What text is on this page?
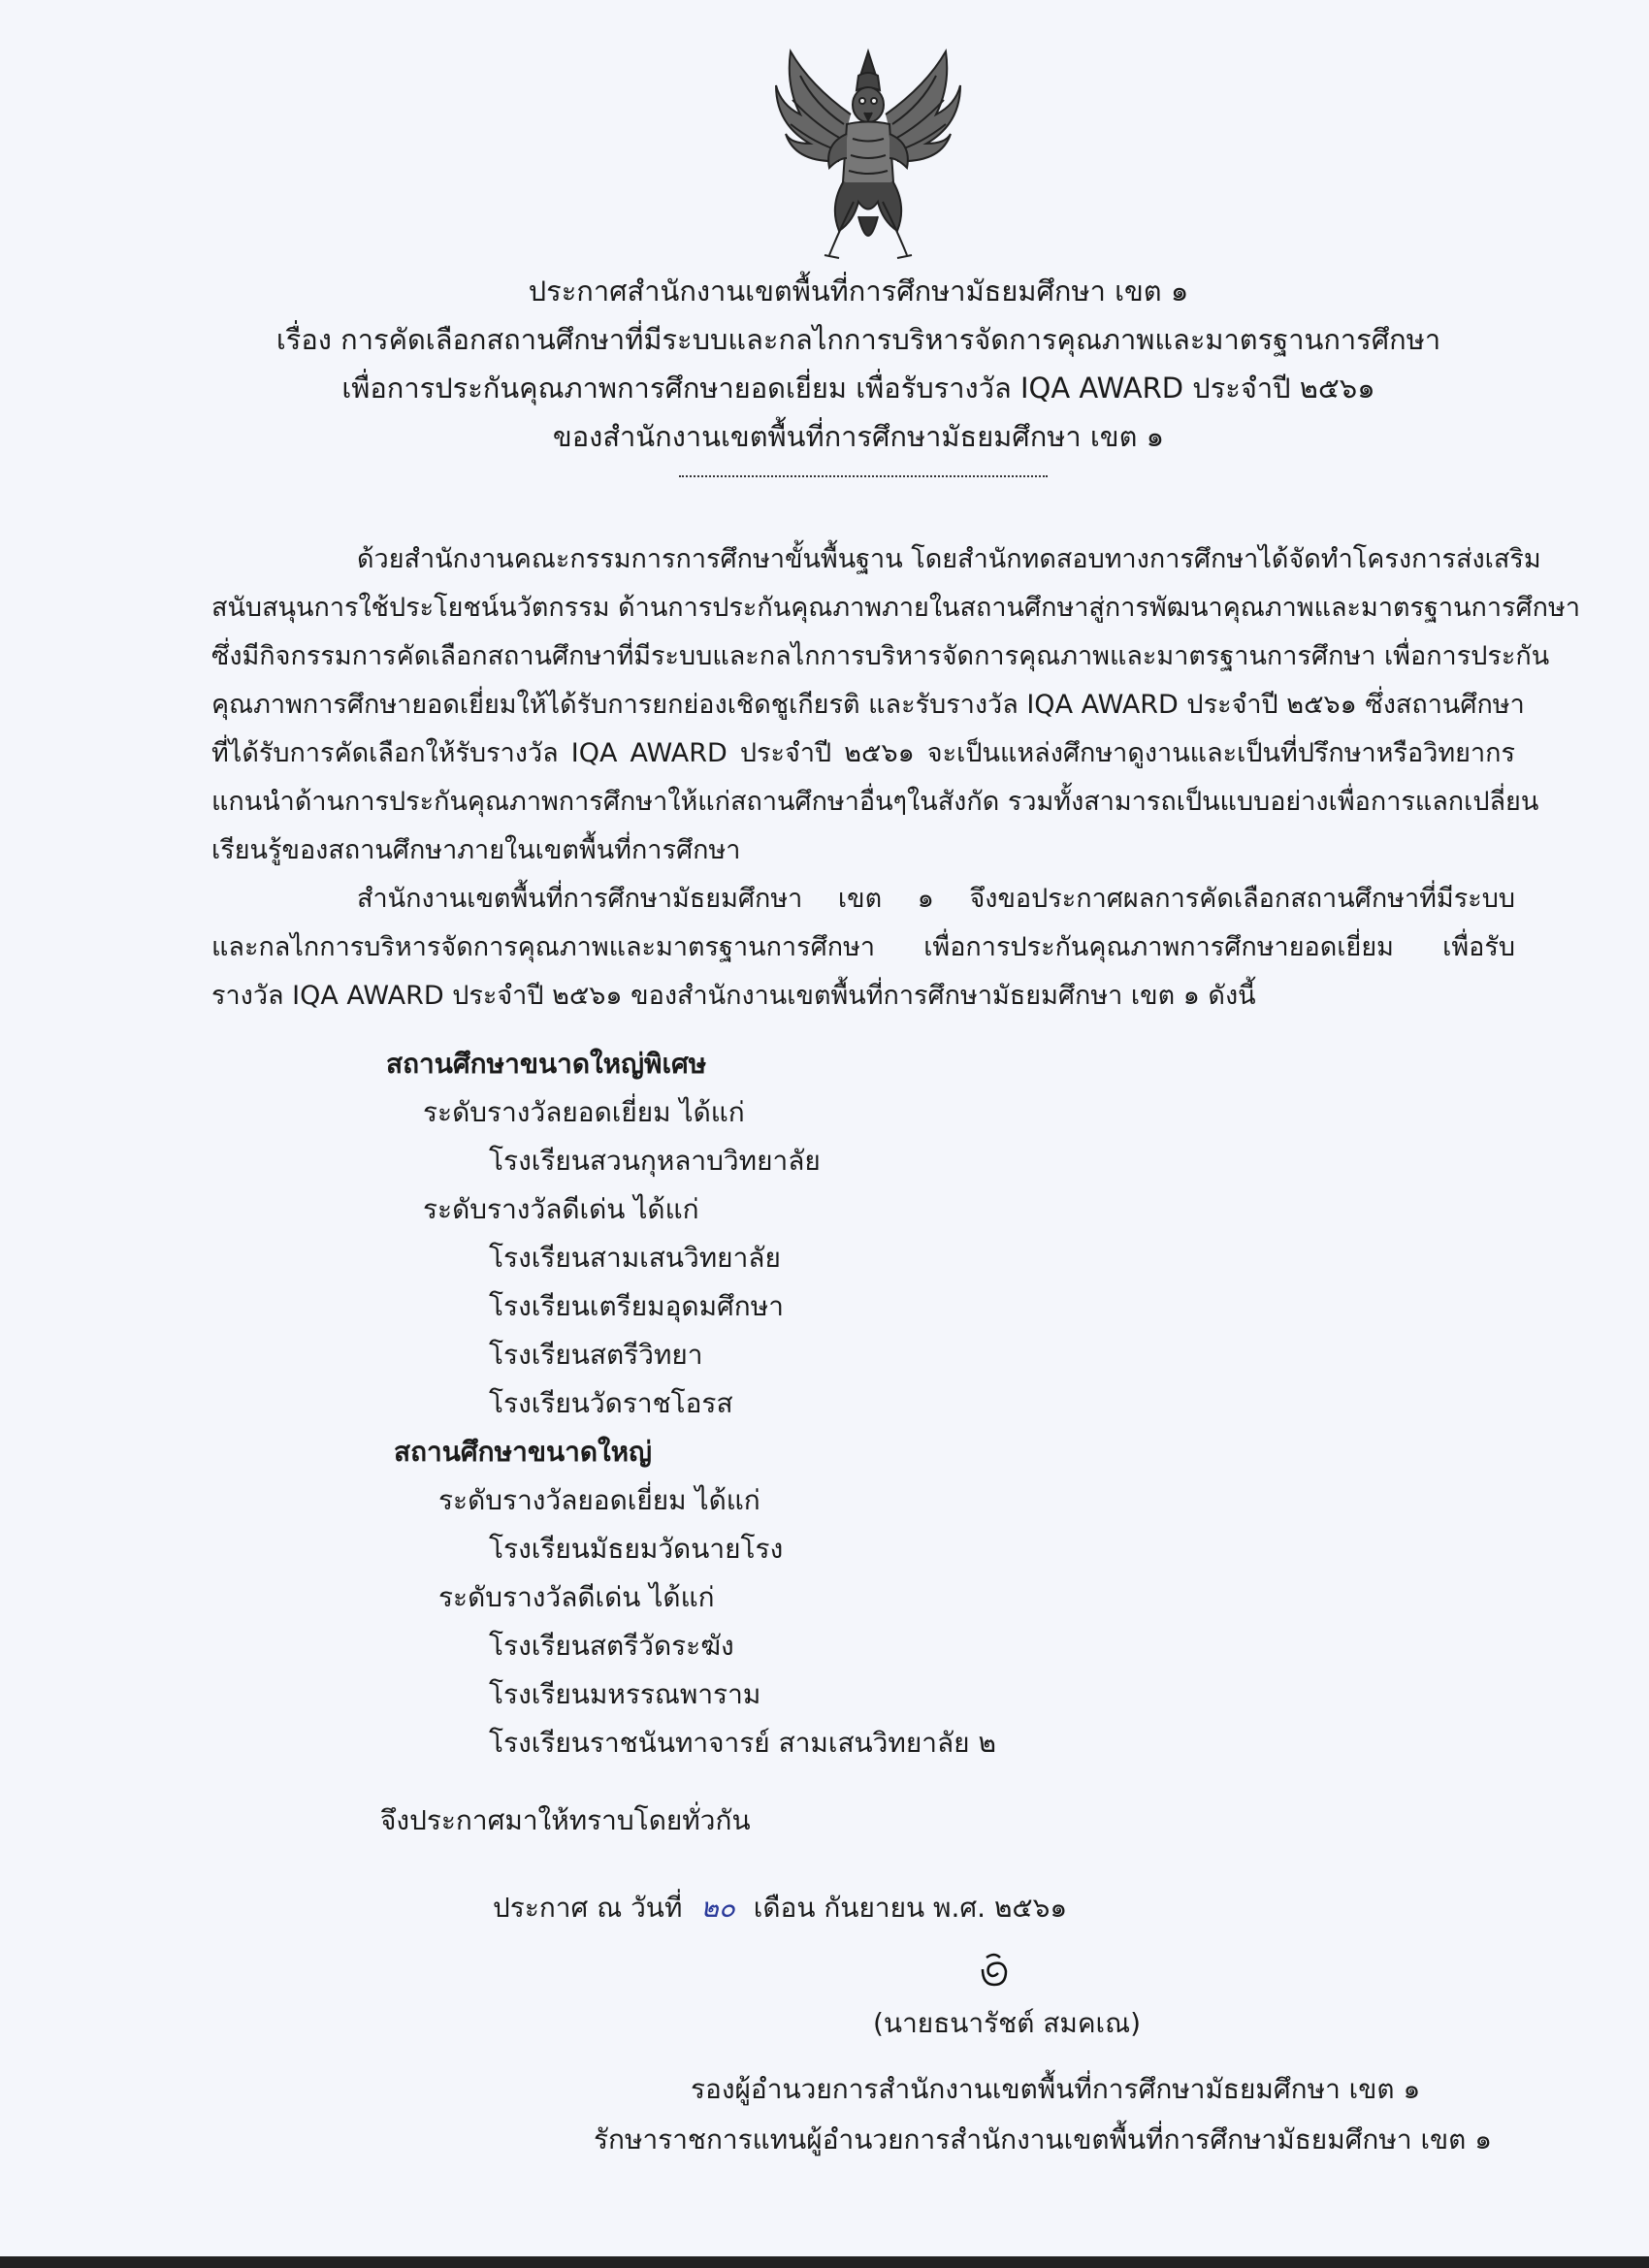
ประกาศสำนักงานเขตพื้นที่การศึกษามัธยมศึกษา เขต ๑
เรื่อง การคัดเลือกสถานศึกษาที่มีระบบและกลไกการบริหารจัดการคุณภาพและมาตรฐานการศึกษา
เพื่อการประกันคุณภาพการศึกษายอดเยี่ยม เพื่อรับรางวัล IQA AWARD ประจำปี ๒๕๖๑
ของสำนักงานเขตพื้นที่การศึกษามัธยมศึกษา เขต ๑
ด้วยสำนักงานคณะกรรมการการศึกษาขั้นพื้นฐาน โดยสำนักทดสอบทางการศึกษาได้จัดทำโครงการส่งเสริม
สนับสนุนการใช้ประโยชน์นวัตกรรม ด้านการประกันคุณภาพภายในสถานศึกษาสู่การพัฒนาคุณภาพและมาตรฐานการศึกษา
ซึ่งมีกิจกรรมการคัดเลือกสถานศึกษาที่มีระบบและกลไกการบริหารจัดการคุณภาพและมาตรฐานการศึกษา เพื่อการประกัน
คุณภาพการศึกษายอดเยี่ยมให้ได้รับการยกย่องเชิดชูเกียรติ และรับรางวัล IQA AWARD ประจำปี ๒๕๖๑ ซึ่งสถานศึกษา
ที่ได้รับการคัดเลือกให้รับรางวัล IQA AWARD ประจำปี ๒๕๖๑ จะเป็นแหล่งศึกษาดูงานและเป็นที่ปรึกษาหรือวิทยากร
แกนนำด้านการประกันคุณภาพการศึกษาให้แก่สถานศึกษาอื่นๆในสังกัด รวมทั้งสามารถเป็นแบบอย่างเพื่อการแลกเปลี่ยน
เรียนรู้ของสถานศึกษาภายในเขตพื้นที่การศึกษา
สำนักงานเขตพื้นที่การศึกษามัธยมศึกษา เขต ๑ จึงขอประกาศผลการคัดเลือกสถานศึกษาที่มีระบบ
และกลไกการบริหารจัดการคุณภาพและมาตรฐานการศึกษา เพื่อการประกันคุณภาพการศึกษายอดเยี่ยม เพื่อรับ
รางวัล IQA AWARD ประจำปี ๒๕๖๑ ของสำนักงานเขตพื้นที่การศึกษามัธยมศึกษา เขต ๑ ดังนี้
สถานศึกษาขนาดใหญ่พิเศษ
ระดับรางวัลยอดเยี่ยม ได้แก่
โรงเรียนสวนกุหลาบวิทยาลัย
ระดับรางวัลดีเด่น ได้แก่
โรงเรียนสามเสนวิทยาลัย
โรงเรียนเตรียมอุดมศึกษา
โรงเรียนสตรีวิทยา
โรงเรียนวัดราชโอรส
สถานศึกษาขนาดใหญ่
ระดับรางวัลยอดเยี่ยม ได้แก่
โรงเรียนมัธยมวัดนายโรง
ระดับรางวัลดีเด่น ได้แก่
โรงเรียนสตรีวัดระฆัง
โรงเรียนมหรรณพาราม
โรงเรียนราชนันทาจารย์ สามเสนวิทยาลัย ๒
จึงประกาศมาให้ทราบโดยทั่วกัน
ประกาศ ณ วันที่ ๒๐ เดือน กันยายน พ.ศ. ๒๕๖๑
(นายธนารัชต์ สมคเณ)
รองผู้อำนวยการสำนักงานเขตพื้นที่การศึกษามัธยมศึกษา เขต ๑
รักษาราชการแทนผู้อำนวยการสำนักงานเขตพื้นที่การศึกษามัธยมศึกษา เขต ๑
